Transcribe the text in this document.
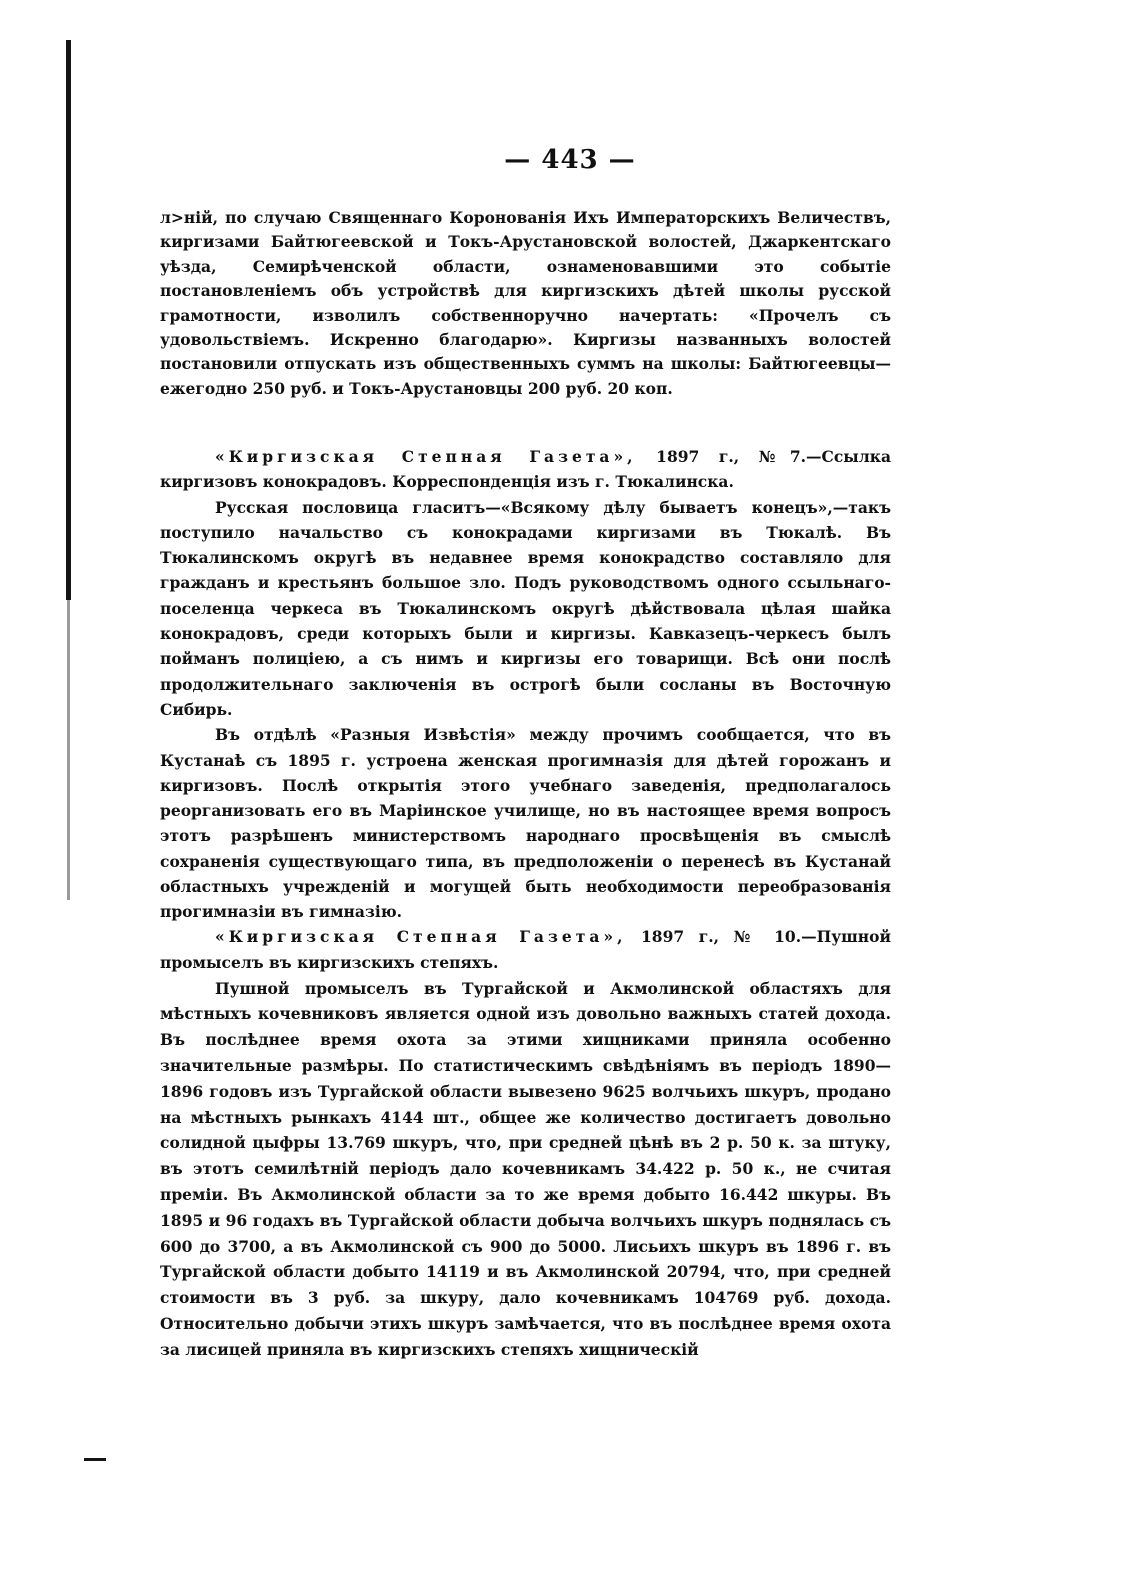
— 443 —

л>ній, по случаю Священнаго Коронованія Ихъ Императорскихъ Величествъ, киргизами Байтюгеевской и Токъ-Арустановской волостей, Джаркентскаго уѣзда, Семирѣченской области, ознаменовавшими это событіе постановленіемъ объ устройствѣ для киргизскихъ дѣтей школы русской грамотности, изволилъ собственноручно начертать: «Прочелъ съ удовольствіемъ. Искренно благодарю». Киргизы названныхъ волостей постановили отпускать изъ общественныхъ суммъ на школы: Байтюгеевцы—ежегодно 250 руб. и Токъ-Арустановцы 200 руб. 20 коп.

«Киргизская Степная Газета», 1897 г., №7.—Ссылка киргизовъ конокрадовъ. Корреспонденція изъ г. Тюкалинска.

Русская пословица гласитъ—«Всякому дѣлу бываетъ конецъ»,—такъ поступило начальство съ конокрадами киргизами въ Тюкалѣ. Въ Тюкалинскомъ округѣ въ недавнее время конокрадство составляло для гражданъ и крестьянъ большое зло. Подъ руководствомъ одного ссыльнаго-поселенца черкеса въ Тюкалинскомъ округѣ дѣйствовала цѣлая шайка конокрадовъ, среди которыхъ были и киргизы. Кавказецъ-черкесъ былъ пойманъ полиціею, а съ нимъ и киргизы его товарищи. Всѣ они послѣ продолжительнаго заключенія въ острогѣ были сосланы въ Восточную Сибирь.

Въ отдѣлѣ «Разныя Извѣстія» между прочимъ сообщается, что въ Кустанаѣ съ 1895 г. устроена женская прогимназія для дѣтей горожанъ и киргизовъ. Послѣ открытія этого учебнаго заведенія, предполагалось реорганизовать его въ Маріинское училище, но въ настоящее время вопросъ этотъ разрѣшенъ министерствомъ народнаго просвѣщенія въ смыслѣ сохраненія существующаго типа, въ предположеніи о перенесѣ въ Кустанай областныхъ учрежденій и могущей быть необходимости переобразованія прогимназіи въ гимназію.

«Киргизская Степная Газета», 1897 г., № 10.—Пушной промыселъ въ киргизскихъ степяхъ.

Пушной промыселъ въ Тургайской и Акмолинской областяхъ для мѣстныхъ кочевниковъ является одной изъ довольно важныхъ статей дохода. Въ послѣднее время охота за этими хищниками приняла особенно значительные размѣры. По статистическимъ свѣдѣніямъ въ періодъ 1890—1896 годовъ изъ Тургайской области вывезено 9625 волчьихъ шкуръ, продано на мѣстныхъ рынкахъ 4144 шт., общее же количество достигаетъ довольно солидной цыфры 13.769 шкуръ, что, при средней цѣнѣ въ 2 р. 50 к. за штуку, въ этотъ семилѣтній періодъ дало кочевникамъ 34.422 р. 50 к., не считая преміи. Въ Акмолинской области за то же время добыто 16.442 шкуры. Въ 1895 и 96 годахъ въ Тургайской области добыча волчьихъ шкуръ поднялась съ 600 до 3700, а въ Акмолинской съ 900 до 5000. Лисьихъ шкуръ въ 1896 г. въ Тургайской области добыто 14119 и въ Акмолинской 20794, что, при средней стоимости въ 3 руб. за шкуру, дало кочевникамъ 104769 руб. дохода. Относительно добычи этихъ шкуръ замѣчается, что въ послѣднее время охота за лисицей приняла въ киргизскихъ степяхъ хищническій
